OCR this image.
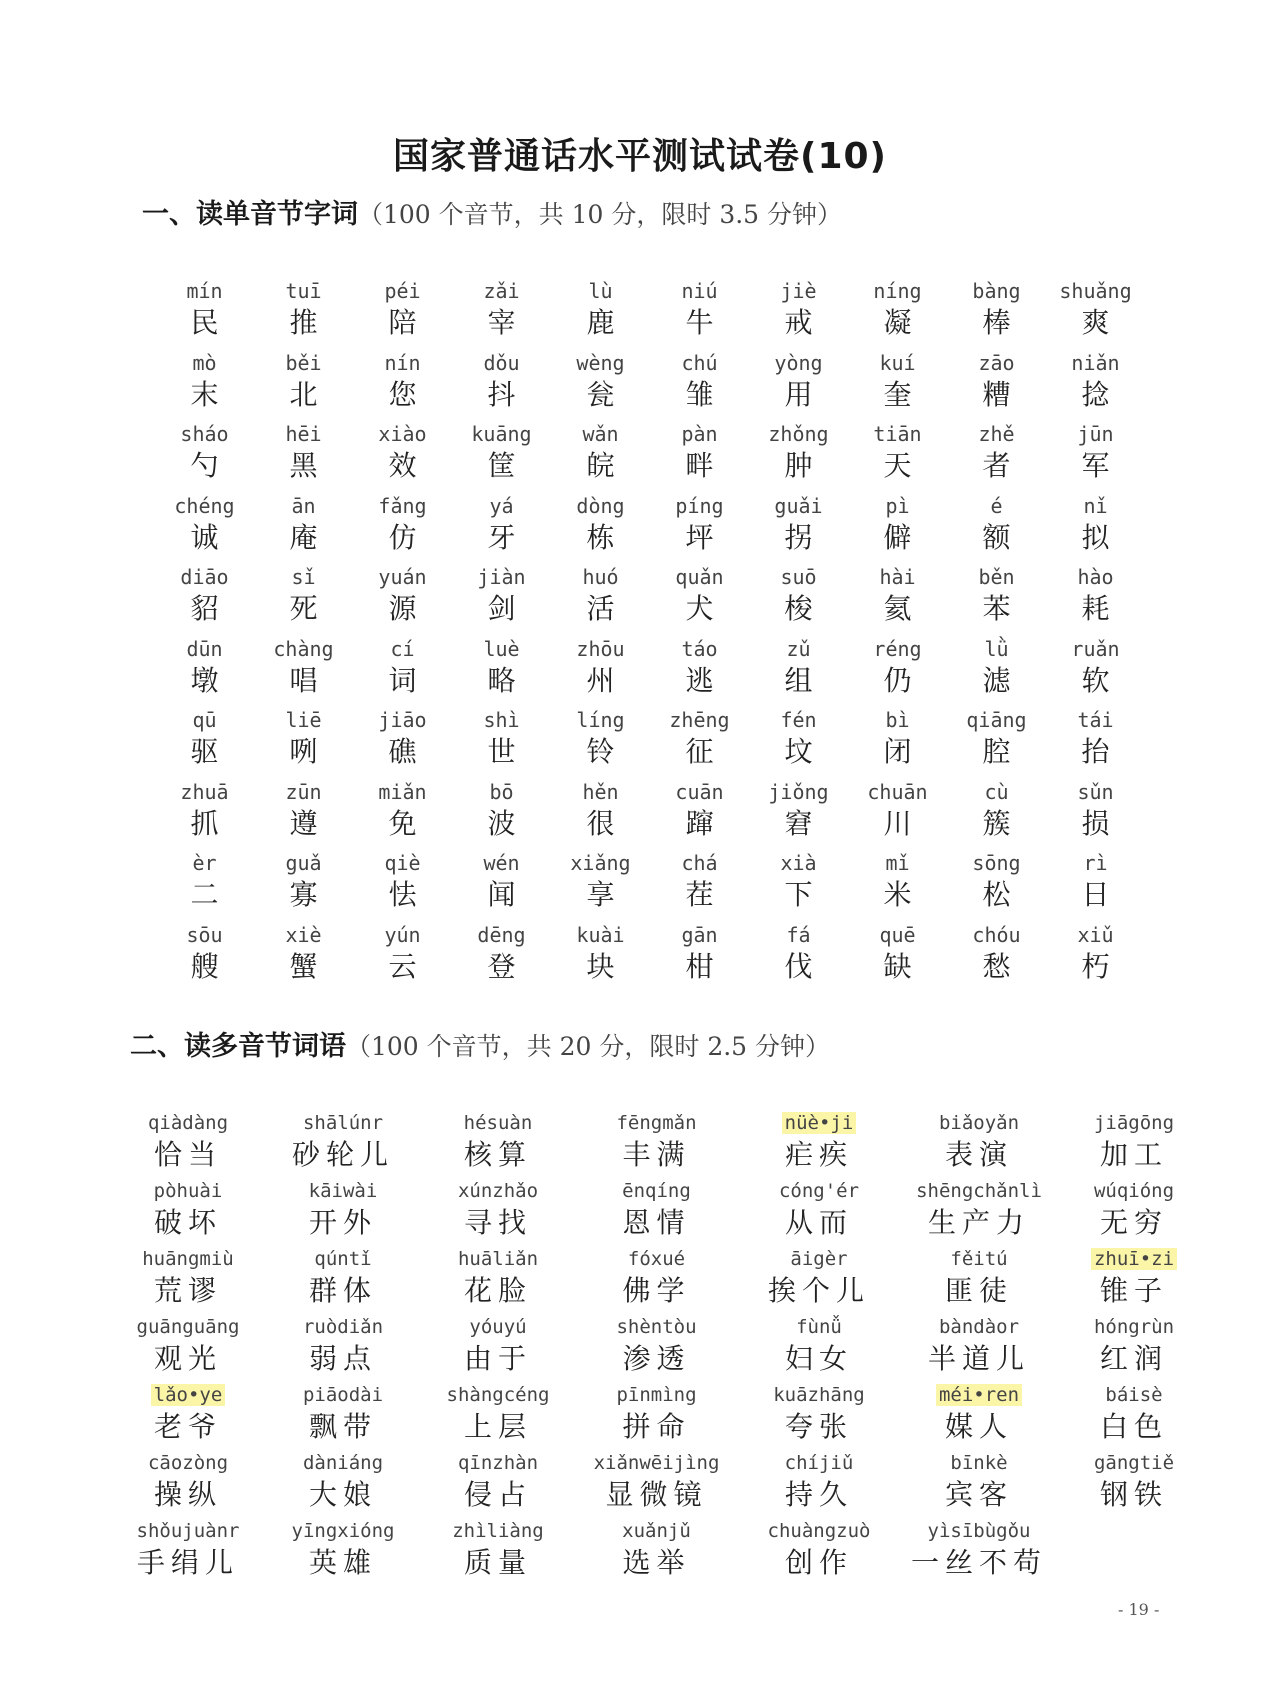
国家普通话水平测试试卷(10)
一、读单音节字词（100 个音节，共 10 分，限时 3.5 分钟）
mín
民
tuī
推
péi
陪
zǎi
宰
lù
鹿
niú
牛
jiè
戒
níng
凝
bàng
棒
shuǎng
爽
mò
末
běi
北
nín
您
dǒu
抖
wèng
瓮
chú
雏
yòng
用
kuí
奎
zāo
糟
niǎn
捻
sháo
勺
hēi
黑
xiào
效
kuāng
筐
wǎn
皖
pàn
畔
zhǒng
肿
tiān
天
zhě
者
jūn
军
chéng
诚
ān
庵
fǎng
仿
yá
牙
dòng
栋
píng
坪
guǎi
拐
pì
僻
é
额
nǐ
拟
diāo
貂
sǐ
死
yuán
源
jiàn
剑
huó
活
quǎn
犬
suō
梭
hài
氦
běn
苯
hào
耗
dūn
墩
chàng
唱
cí
词
luè
略
zhōu
州
táo
逃
zǔ
组
réng
仍
lǜ
滤
ruǎn
软
qū
驱
liē
咧
jiāo
礁
shì
世
líng
铃
zhēng
征
fén
坟
bì
闭
qiāng
腔
tái
抬
zhuā
抓
zūn
遵
miǎn
免
bō
波
hěn
很
cuān
蹿
jiǒng
窘
chuān
川
cù
簇
sǔn
损
èr
二
guǎ
寡
qiè
怯
wén
闻
xiǎng
享
chá
茬
xià
下
mǐ
米
sōng
松
rì
日
sōu
艘
xiè
蟹
yún
云
dēng
登
kuài
块
gān
柑
fá
伐
quē
缺
chóu
愁
xiǔ
朽
二、读多音节词语（100 个音节，共 20 分，限时 2.5 分钟）
qiàdàng
恰当
shālúnr
砂轮儿
hésuàn
核算
fēngmǎn
丰满
nüè•ji
疟疾
biǎoyǎn
表演
jiāgōng
加工
pòhuài
破坏
kāiwài
开外
xúnzhǎo
寻找
ēnqíng
恩情
cóng'ér
从而
shēngchǎnlì
生产力
wúqióng
无穷
huāngmiù
荒谬
qúntǐ
群体
huāliǎn
花脸
fóxué
佛学
āigèr
挨个儿
fěitú
匪徒
zhuī•zi
锥子
guānguāng
观光
ruòdiǎn
弱点
yóuyú
由于
shèntòu
渗透
fùnǚ
妇女
bàndàor
半道儿
hóngrùn
红润
lǎo•ye
老爷
piāodài
飘带
shàngcéng
上层
pīnmìng
拼命
kuāzhāng
夸张
méi•ren
媒人
báisè
白色
cāozòng
操纵
dàniáng
大娘
qīnzhàn
侵占
xiǎnwēijìng
显微镜
chíjiǔ
持久
bīnkè
宾客
gāngtiě
钢铁
shǒujuànr
手绢儿
yīngxióng
英雄
zhìliàng
质量
xuǎnjǔ
选举
chuàngzuò
创作
yìsībùgǒu
一丝不苟
- 19 -
